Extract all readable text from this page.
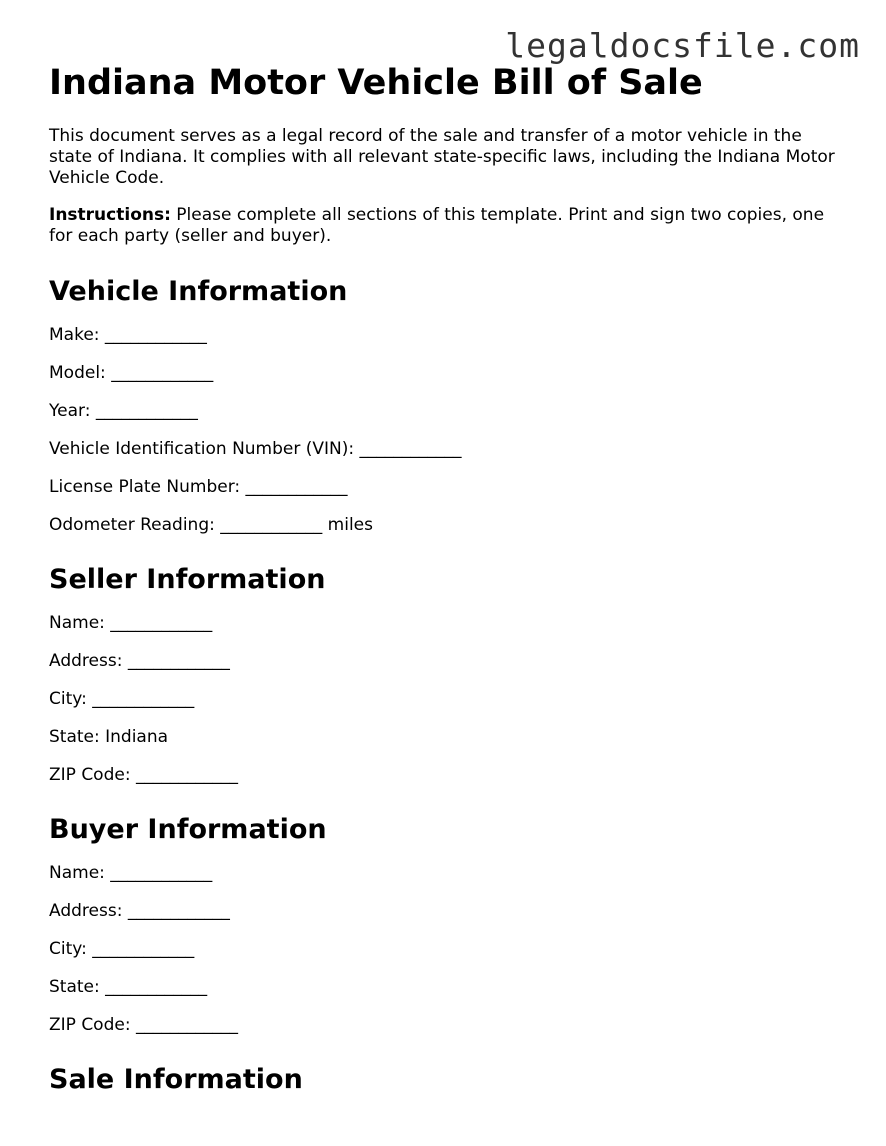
legaldocsfile.com
Indiana Motor Vehicle Bill of Sale

This document serves as a legal record of the sale and transfer of a motor vehicle in the state of Indiana. It complies with all relevant state-specific laws, including the Indiana Motor Vehicle Code.

Instructions: Please complete all sections of this template. Print and sign two copies, one for each party (seller and buyer).

Vehicle Information
Make: ____________
Model: ____________
Year: ____________
Vehicle Identification Number (VIN): ____________
License Plate Number: ____________
Odometer Reading: ____________ miles
Seller Information
Name: ____________
Address: ____________
City: ____________
State: Indiana
ZIP Code: ____________
Buyer Information
Name: ____________
Address: ____________
City: ____________
State: ____________
ZIP Code: ____________
Sale Information
